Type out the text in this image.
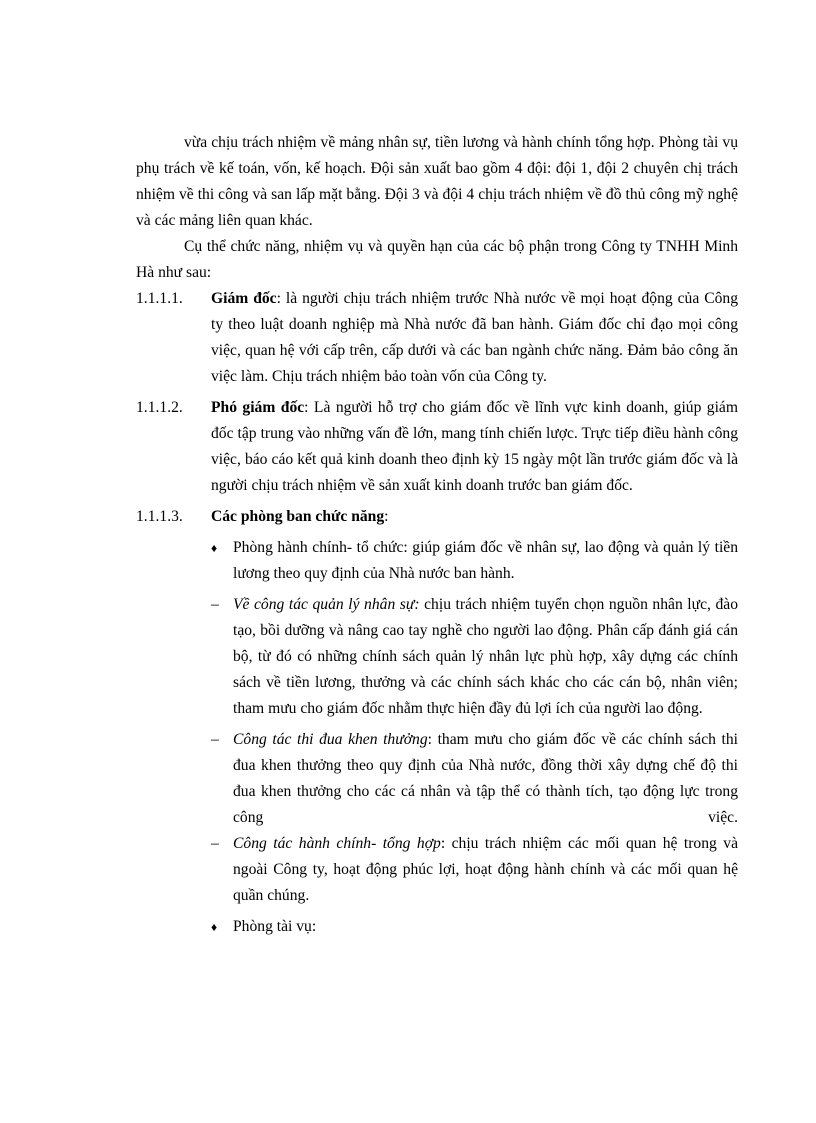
vừa chịu trách nhiệm về mảng nhân sự, tiền lương và hành chính tổng hợp. Phòng tài vụ phụ trách về kế toán, vốn, kế hoạch. Đội sản xuất bao gồm 4 đội: đội 1, đội 2 chuyên chị trách nhiệm về thi công và san lấp mặt bằng. Đội 3 và đội 4 chịu trách nhiệm về đồ thủ công mỹ nghệ và các mảng liên quan khác.

Cụ thể chức năng, nhiệm vụ và quyền hạn của các bộ phận trong Công ty TNHH Minh Hà như sau:

1.1.1.1. Giám đốc: là người chịu trách nhiệm trước Nhà nước về mọi hoạt động của Công ty theo luật doanh nghiệp mà Nhà nước đã ban hành. Giám đốc chỉ đạo mọi công việc, quan hệ với cấp trên, cấp dưới và các ban ngành chức năng. Đảm bảo công ăn việc làm. Chịu trách nhiệm bảo toàn vốn của Công ty.
1.1.1.2. Phó giám đốc: Là người hỗ trợ cho giám đốc về lĩnh vực kinh doanh, giúp giám đốc tập trung vào những vấn đề lớn, mang tính chiến lược. Trực tiếp điều hành công việc, báo cáo kết quả kinh doanh theo định kỳ 15 ngày một lần trước giám đốc và là người chịu trách nhiệm về sản xuất kinh doanh trước ban giám đốc.
1.1.1.3. Các phòng ban chức năng:
♦	Phòng hành chính- tổ chức: giúp giám đốc về nhân sự, lao động và quản lý tiền lương theo quy định của Nhà nước ban hành.
– Về công tác quản lý nhân sự: chịu trách nhiệm tuyển chọn nguồn nhân lực, đào tạo, bồi dưỡng và nâng cao tay nghề cho người lao động. Phân cấp đánh giá cán bộ, từ đó có những chính sách quản lý nhân lực phù hợp, xây dựng các chính sách về tiền lương, thưởng và các chính sách khác cho các cán bộ, nhân viên; tham mưu cho giám đốc nhằm thực hiện đầy đủ lợi ích của người lao động.
– Công tác thi đua khen thưởng: tham mưu cho giám đốc về các chính sách thi đua khen thưởng theo quy định của Nhà nước, đồng thời xây dựng chế độ thi đua khen thưởng cho các cá nhân và tập thể có thành tích, tạo động lực trong công việc.
– Công tác hành chính- tổng hợp: chịu trách nhiệm các mối quan hệ trong và ngoài Công ty, hoạt động phúc lợi, hoạt động hành chính và các mối quan hệ quần chúng.
♦	Phòng tài vụ:
